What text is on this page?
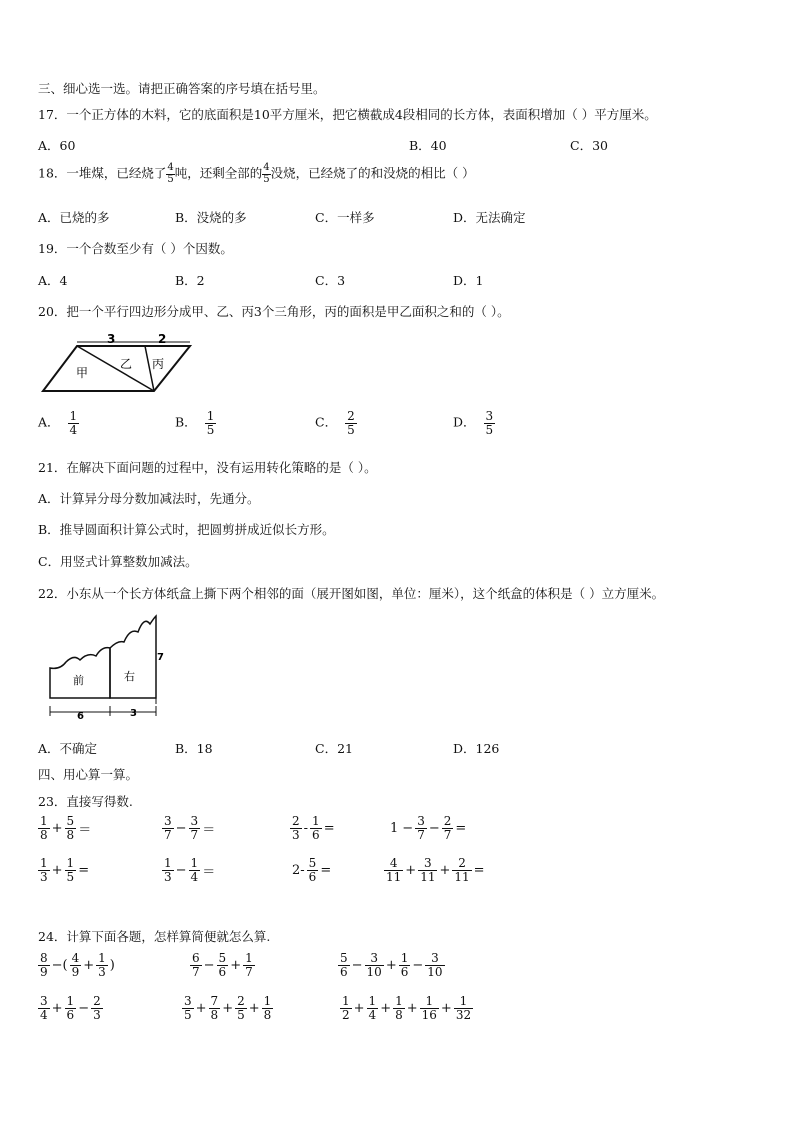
三、细心选一选。请把正确答案的序号填在括号里。
17．一个正方体的木料，它的底面积是10平方厘米，把它横截成4段相同的长方体，表面积增加（ ）平方厘米。
A．60	B．40	C．30
18．一堆煤，已经烧了 $\frac{4}{5}$ 吨，还剩全部的 $\frac{4}{5}$ 没烧，已经烧了的和没烧的相比（ ）
A．已烧的多	B．没烧的多	C．一样多	D．无法确定
19．一个合数至少有（ ）个因数。
A．4	B．2	C．3	D．1
20．把一个平行四边形分成甲、乙、丙3个三角形，丙的面积是甲乙面积之和的（ ）。
3	2
甲
乙 丙
A． $\frac{1}{4}$	B． $\frac{1}{5}$	C． $\frac{2}{5}$	D． $\frac{3}{5}$
21．在解决下面问题的过程中，没有运用转化策略的是（ ）。
A．计算异分母分数加减法时，先通分。
B．推导圆面积计算公式时，把圆剪拼成近似长方形。
C．用竖式计算整数加减法。
22．小东从一个长方体纸盒上撕下两个相邻的面（展开图如图，单位：厘米），这个纸盒的体积是（ ）立方厘米。
前	右
7
6	3
A．不确定	B．18	C．21	D．126
四、用心算一算。
23．直接写得数.
$\frac{1}{8} + \frac{5}{8}$ ＝	$\frac{3}{7} - \frac{3}{7}$ ＝	$\frac{2}{3} - \frac{1}{6}$ =	$1 - \frac{3}{7} - \frac{2}{7}$ =
$\frac{1}{3} + \frac{1}{5}$ =	$\frac{1}{3} - \frac{1}{4}$ ＝	$2- \frac{5}{6}$ =	$\frac{4}{11} + \frac{3}{11} + \frac{2}{11}$ =
24．计算下面各题，怎样算简便就怎么算.
$\frac{8}{9}$ −( $\frac{4}{9} + \frac{1}{3}$ )	$\frac{6}{7} - \frac{5}{6} + \frac{1}{7}$	$\frac{5}{6} - \frac{3}{10} + \frac{1}{6} - \frac{3}{10}$
$\frac{3}{4} + \frac{1}{6} - \frac{2}{3}$	$\frac{3}{5} + \frac{7}{8} + \frac{2}{5} + \frac{1}{8}$	$\frac{1}{2} + \frac{1}{4} + \frac{1}{8} + \frac{1}{16} + \frac{1}{32}$
